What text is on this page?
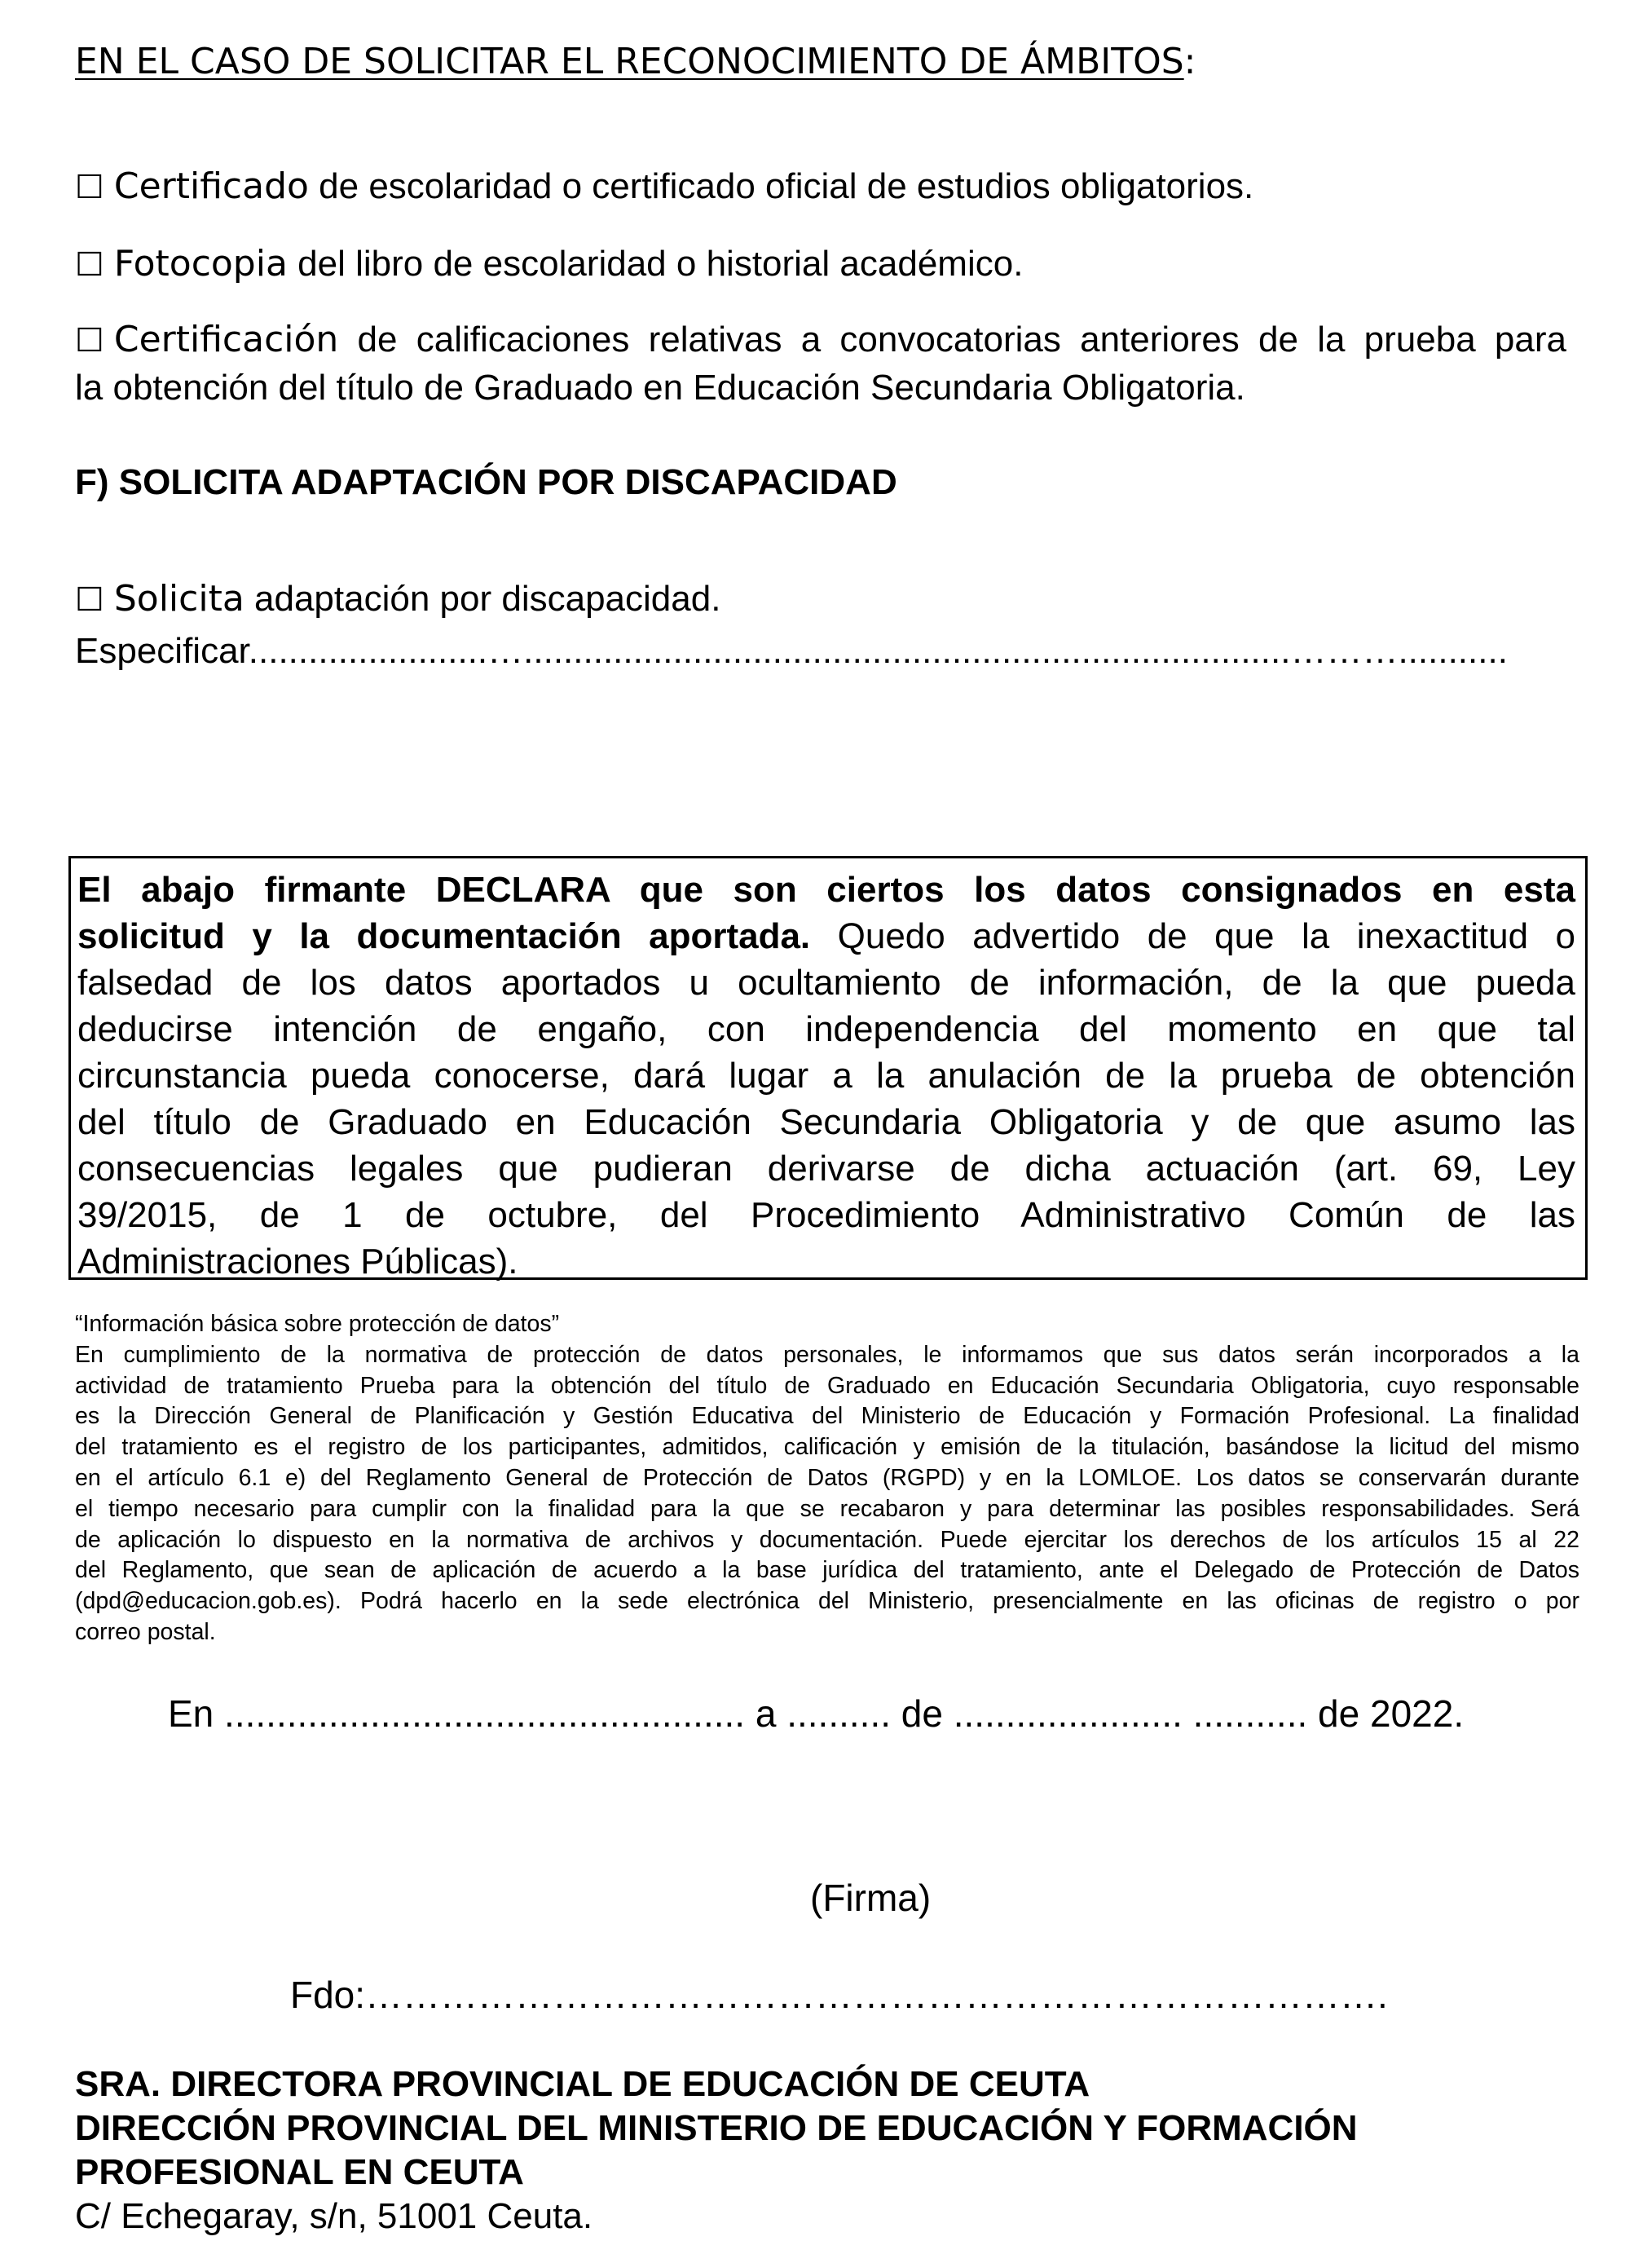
EN EL CASO DE SOLICITAR EL RECONOCIMIENTO DE ÁMBITOS:
☐ Certificado de escolaridad o certificado oficial de estudios obligatorios.
☐ Fotocopia del libro de escolaridad o historial académico.
☐ Certificación de calificaciones relativas a convocatorias anteriores de la prueba para
la obtención del título de Graduado en Educación Secundaria Obligatoria.
F) SOLICITA ADAPTACIÓN POR DISCAPACIDAD
☐ Solicita adaptación por discapacidad.
Especificar........................….............................................................................………...........
El abajo firmante DECLARA que son ciertos los datos consignados en esta
solicitud y la documentación aportada. Quedo advertido de que la inexactitud o
falsedad de los datos aportados u ocultamiento de información, de la que pueda
deducirse intención de engaño, con independencia del momento en que tal
circunstancia pueda conocerse, dará lugar a la anulación de la prueba de obtención
del título de Graduado en Educación Secundaria Obligatoria y de que asumo las
consecuencias legales que pudieran derivarse de dicha actuación (art. 69, Ley
39/2015, de 1 de octubre, del Procedimiento Administrativo Común de las
Administraciones Públicas).
“Información básica sobre protección de datos”
En cumplimiento de la normativa de protección de datos personales, le informamos que sus datos serán incorporados a la
actividad de tratamiento Prueba para la obtención del título de Graduado en Educación Secundaria Obligatoria, cuyo responsable
es la Dirección General de Planificación y Gestión Educativa del Ministerio de Educación y Formación Profesional. La finalidad
del tratamiento es el registro de los participantes, admitidos, calificación y emisión de la titulación, basándose la licitud del mismo
en el artículo 6.1 e) del Reglamento General de Protección de Datos (RGPD) y en la LOMLOE. Los datos se conservarán durante
el tiempo necesario para cumplir con la finalidad para la que se recabaron y para determinar las posibles responsabilidades. Será
de aplicación lo dispuesto en la normativa de archivos y documentación. Puede ejercitar los derechos de los artículos 15 al 22
del Reglamento, que sean de aplicación de acuerdo a la base jurídica del tratamiento, ante el Delegado de Protección de Datos
(dpd@educacion.gob.es). Podrá hacerlo en la sede electrónica del Ministerio, presencialmente en las oficinas de registro o por
correo postal.
En .................................................. a .......... de ...................... ........... de 2022.
(Firma)
Fdo:……………………………………………………………………….
SRA. DIRECTORA PROVINCIAL DE EDUCACIÓN DE CEUTA
DIRECCIÓN PROVINCIAL DEL MINISTERIO DE EDUCACIÓN Y FORMACIÓN
PROFESIONAL EN CEUTA
C/ Echegaray, s/n, 51001 Ceuta.
